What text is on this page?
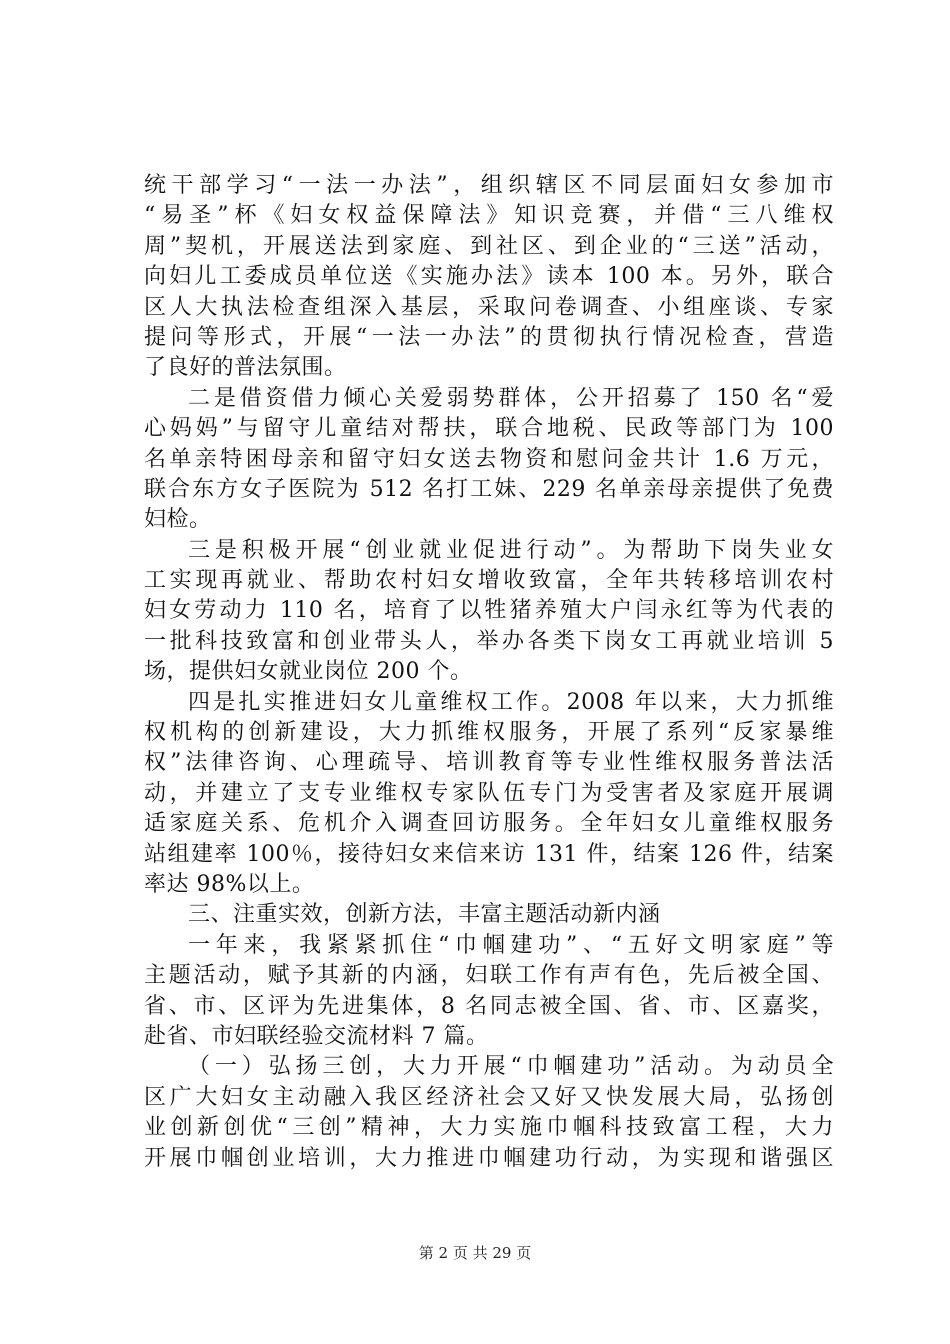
统干部学习“一法一办法”，组织辖区不同层面妇女参加市
“易圣”杯《妇女权益保障法》知识竞赛，并借“三八维权
周”契机，开展送法到家庭、到社区、到企业的“三送”活动，
向妇儿工委成员单位送《实施办法》读本 100 本。另外，联合
区人大执法检查组深入基层，采取问卷调查、小组座谈、专家
提问等形式，开展“一法一办法”的贯彻执行情况检查，营造
了良好的普法氛围。
二是借资借力倾心关爱弱势群体，公开招募了 150 名“爱
心妈妈”与留守儿童结对帮扶，联合地税、民政等部门为 100
名单亲特困母亲和留守妇女送去物资和慰问金共计 1.6 万元，
联合东方女子医院为 512 名打工妹、229 名单亲母亲提供了免费
妇检。
三是积极开展“创业就业促进行动”。为帮助下岗失业女
工实现再就业、帮助农村妇女增收致富，全年共转移培训农村
妇女劳动力 110 名，培育了以牲猪养殖大户闫永红等为代表的
一批科技致富和创业带头人，举办各类下岗女工再就业培训 5
场，提供妇女就业岗位 200 个。
四是扎实推进妇女儿童维权工作。2008 年以来，大力抓维
权机构的创新建设，大力抓维权服务，开展了系列“反家暴维
权”法律咨询、心理疏导、培训教育等专业性维权服务普法活
动，并建立了支专业维权专家队伍专门为受害者及家庭开展调
适家庭关系、危机介入调查回访服务。全年妇女儿童维权服务
站组建率 100％，接待妇女来信来访 131 件，结案 126 件，结案
率达 98%以上。
三、注重实效，创新方法，丰富主题活动新内涵
一年来，我紧紧抓住“巾帼建功”、“五好文明家庭”等
主题活动，赋予其新的内涵，妇联工作有声有色，先后被全国、
省、市、区评为先进集体，8 名同志被全国、省、市、区嘉奖，
赴省、市妇联经验交流材料 7 篇。
（一）弘扬三创，大力开展“巾帼建功”活动。为动员全
区广大妇女主动融入我区经济社会又好又快发展大局，弘扬创
业创新创优“三创”精神，大力实施巾帼科技致富工程，大力
开展巾帼创业培训，大力推进巾帼建功行动，为实现和谐强区
第 2 页 共 29 页
